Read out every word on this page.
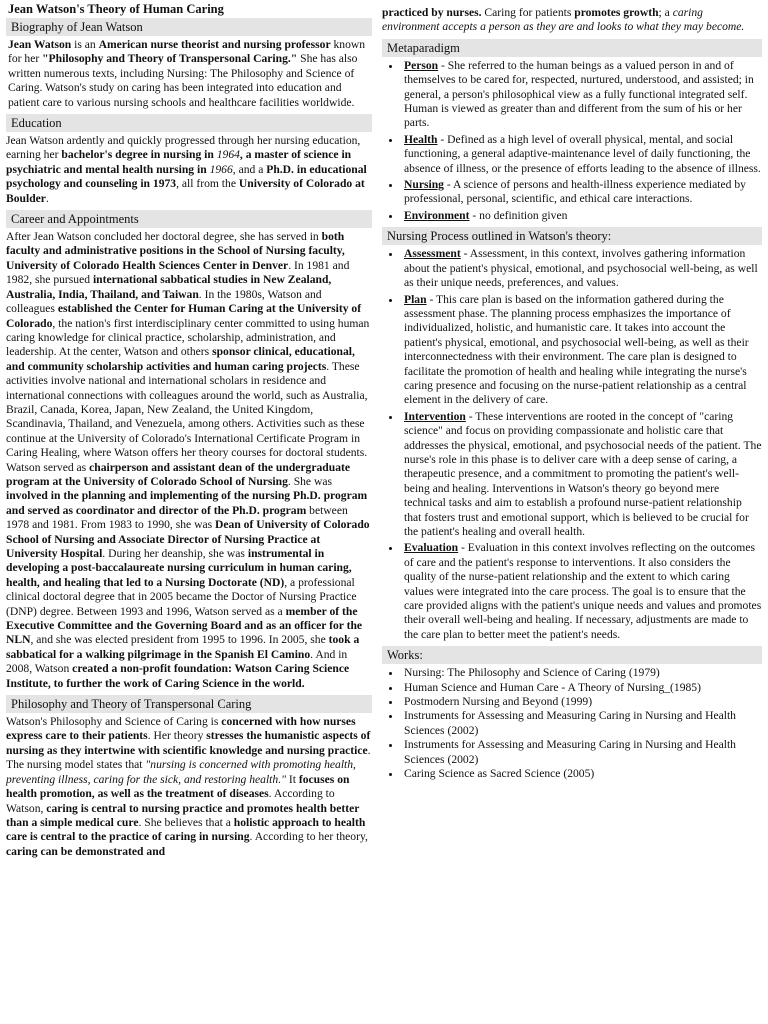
Jean Watson's Theory of Human Caring
Biography of Jean Watson

Jean Watson is an American nurse theorist and nursing professor known for her "Philosophy and Theory of Transpersonal Caring." She has also written numerous texts, including Nursing: The Philosophy and Science of Caring. Watson's study on caring has been integrated into education and patient care to various nursing schools and healthcare facilities worldwide.

Education

Jean Watson ardently and quickly progressed through her nursing education, earning her bachelor's degree in nursing in 1964, a master of science in psychiatric and mental health nursing in 1966, and a Ph.D. in educational psychology and counseling in 1973, all from the University of Colorado at Boulder.

Career and Appointments

After Jean Watson concluded her doctoral degree, she has served in both faculty and administrative positions in the School of Nursing faculty, University of Colorado Health Sciences Center in Denver. In 1981 and 1982, she pursued international sabbatical studies in New Zealand, Australia, India, Thailand, and Taiwan. In the 1980s, Watson and colleagues established the Center for Human Caring at the University of Colorado, the nation's first interdisciplinary center committed to using human caring knowledge for clinical practice, scholarship, administration, and leadership. At the center, Watson and others sponsor clinical, educational, and community scholarship activities and human caring projects. These activities involve national and international scholars in residence and international connections with colleagues around the world, such as Australia, Brazil, Canada, Korea, Japan, New Zealand, the United Kingdom, Scandinavia, Thailand, and Venezuela, among others. Activities such as these continue at the University of Colorado's International Certificate Program in Caring Healing, where Watson offers her theory courses for doctoral students. Watson served as chairperson and assistant dean of the undergraduate program at the University of Colorado School of Nursing. She was involved in the planning and implementing of the nursing Ph.D. program and served as coordinator and director of the Ph.D. program between 1978 and 1981. From 1983 to 1990, she was Dean of University of Colorado School of Nursing and Associate Director of Nursing Practice at University Hospital. During her deanship, she was instrumental in developing a post-baccalaureate nursing curriculum in human caring, health, and healing that led to a Nursing Doctorate (ND), a professional clinical doctoral degree that in 2005 became the Doctor of Nursing Practice (DNP) degree. Between 1993 and 1996, Watson served as a member of the Executive Committee and the Governing Board and as an officer for the NLN, and she was elected president from 1995 to 1996. In 2005, she took a sabbatical for a walking pilgrimage in the Spanish El Camino. And in 2008, Watson created a non-profit foundation: Watson Caring Science Institute, to further the work of Caring Science in the world.

Philosophy and Theory of Transpersonal Caring

Watson's Philosophy and Science of Caring is concerned with how nurses express care to their patients. Her theory stresses the humanistic aspects of nursing as they intertwine with scientific knowledge and nursing practice. The nursing model states that "nursing is concerned with promoting health, preventing illness, caring for the sick, and restoring health." It focuses on health promotion, as well as the treatment of diseases. According to Watson, caring is central to nursing practice and promotes health better than a simple medical cure. She believes that a holistic approach to health care is central to the practice of caring in nursing. According to her theory, caring can be demonstrated and

practiced by nurses. Caring for patients promotes growth; a caring environment accepts a person as they are and looks to what they may become.

Metaparadigm
• Person - She referred to the human beings as a valued person in and of themselves to be cared for, respected, nurtured, understood, and assisted; in general, a person's philosophical view as a fully functional integrated self. Human is viewed as greater than and different from the sum of his or her parts.
• Health - Defined as a high level of overall physical, mental, and social functioning, a general adaptive-maintenance level of daily functioning, the absence of illness, or the presence of efforts leading to the absence of illness.
• Nursing - A science of persons and health-illness experience mediated by professional, personal, scientific, and ethical care interactions.
• Environment - no definition given
Nursing Process outlined in Watson's theory:
• Assessment - Assessment, in this context, involves gathering information about the patient's physical, emotional, and psychosocial well-being, as well as their unique needs, preferences, and values.
• Plan - This care plan is based on the information gathered during the assessment phase. The planning process emphasizes the importance of individualized, holistic, and humanistic care. It takes into account the patient's physical, emotional, and psychosocial well-being, as well as their interconnectedness with their environment. The care plan is designed to facilitate the promotion of health and healing while integrating the nurse's caring presence and focusing on the nurse-patient relationship as a central element in the delivery of care.
• Intervention - These interventions are rooted in the concept of "caring science" and focus on providing compassionate and holistic care that addresses the physical, emotional, and psychosocial needs of the patient. The nurse's role in this phase is to deliver care with a deep sense of caring, a therapeutic presence, and a commitment to promoting the patient's well-being and healing. Interventions in Watson's theory go beyond mere technical tasks and aim to establish a profound nurse-patient relationship that fosters trust and emotional support, which is believed to be crucial for the patient's healing and overall health.
• Evaluation - Evaluation in this context involves reflecting on the outcomes of care and the patient's response to interventions. It also considers the quality of the nurse-patient relationship and the extent to which caring values were integrated into the care process. The goal is to ensure that the care provided aligns with the patient's unique needs and values and promotes their overall well-being and healing. If necessary, adjustments are made to the care plan to better meet the patient's needs.
Works:
• Nursing: The Philosophy and Science of Caring (1979)
• Human Science and Human Care - A Theory of Nursing_(1985)
• Postmodern Nursing and Beyond (1999)
• Instruments for Assessing and Measuring Caring in Nursing and Health Sciences (2002)
• Instruments for Assessing and Measuring Caring in Nursing and Health Sciences (2002)
• Caring Science as Sacred Science (2005)
